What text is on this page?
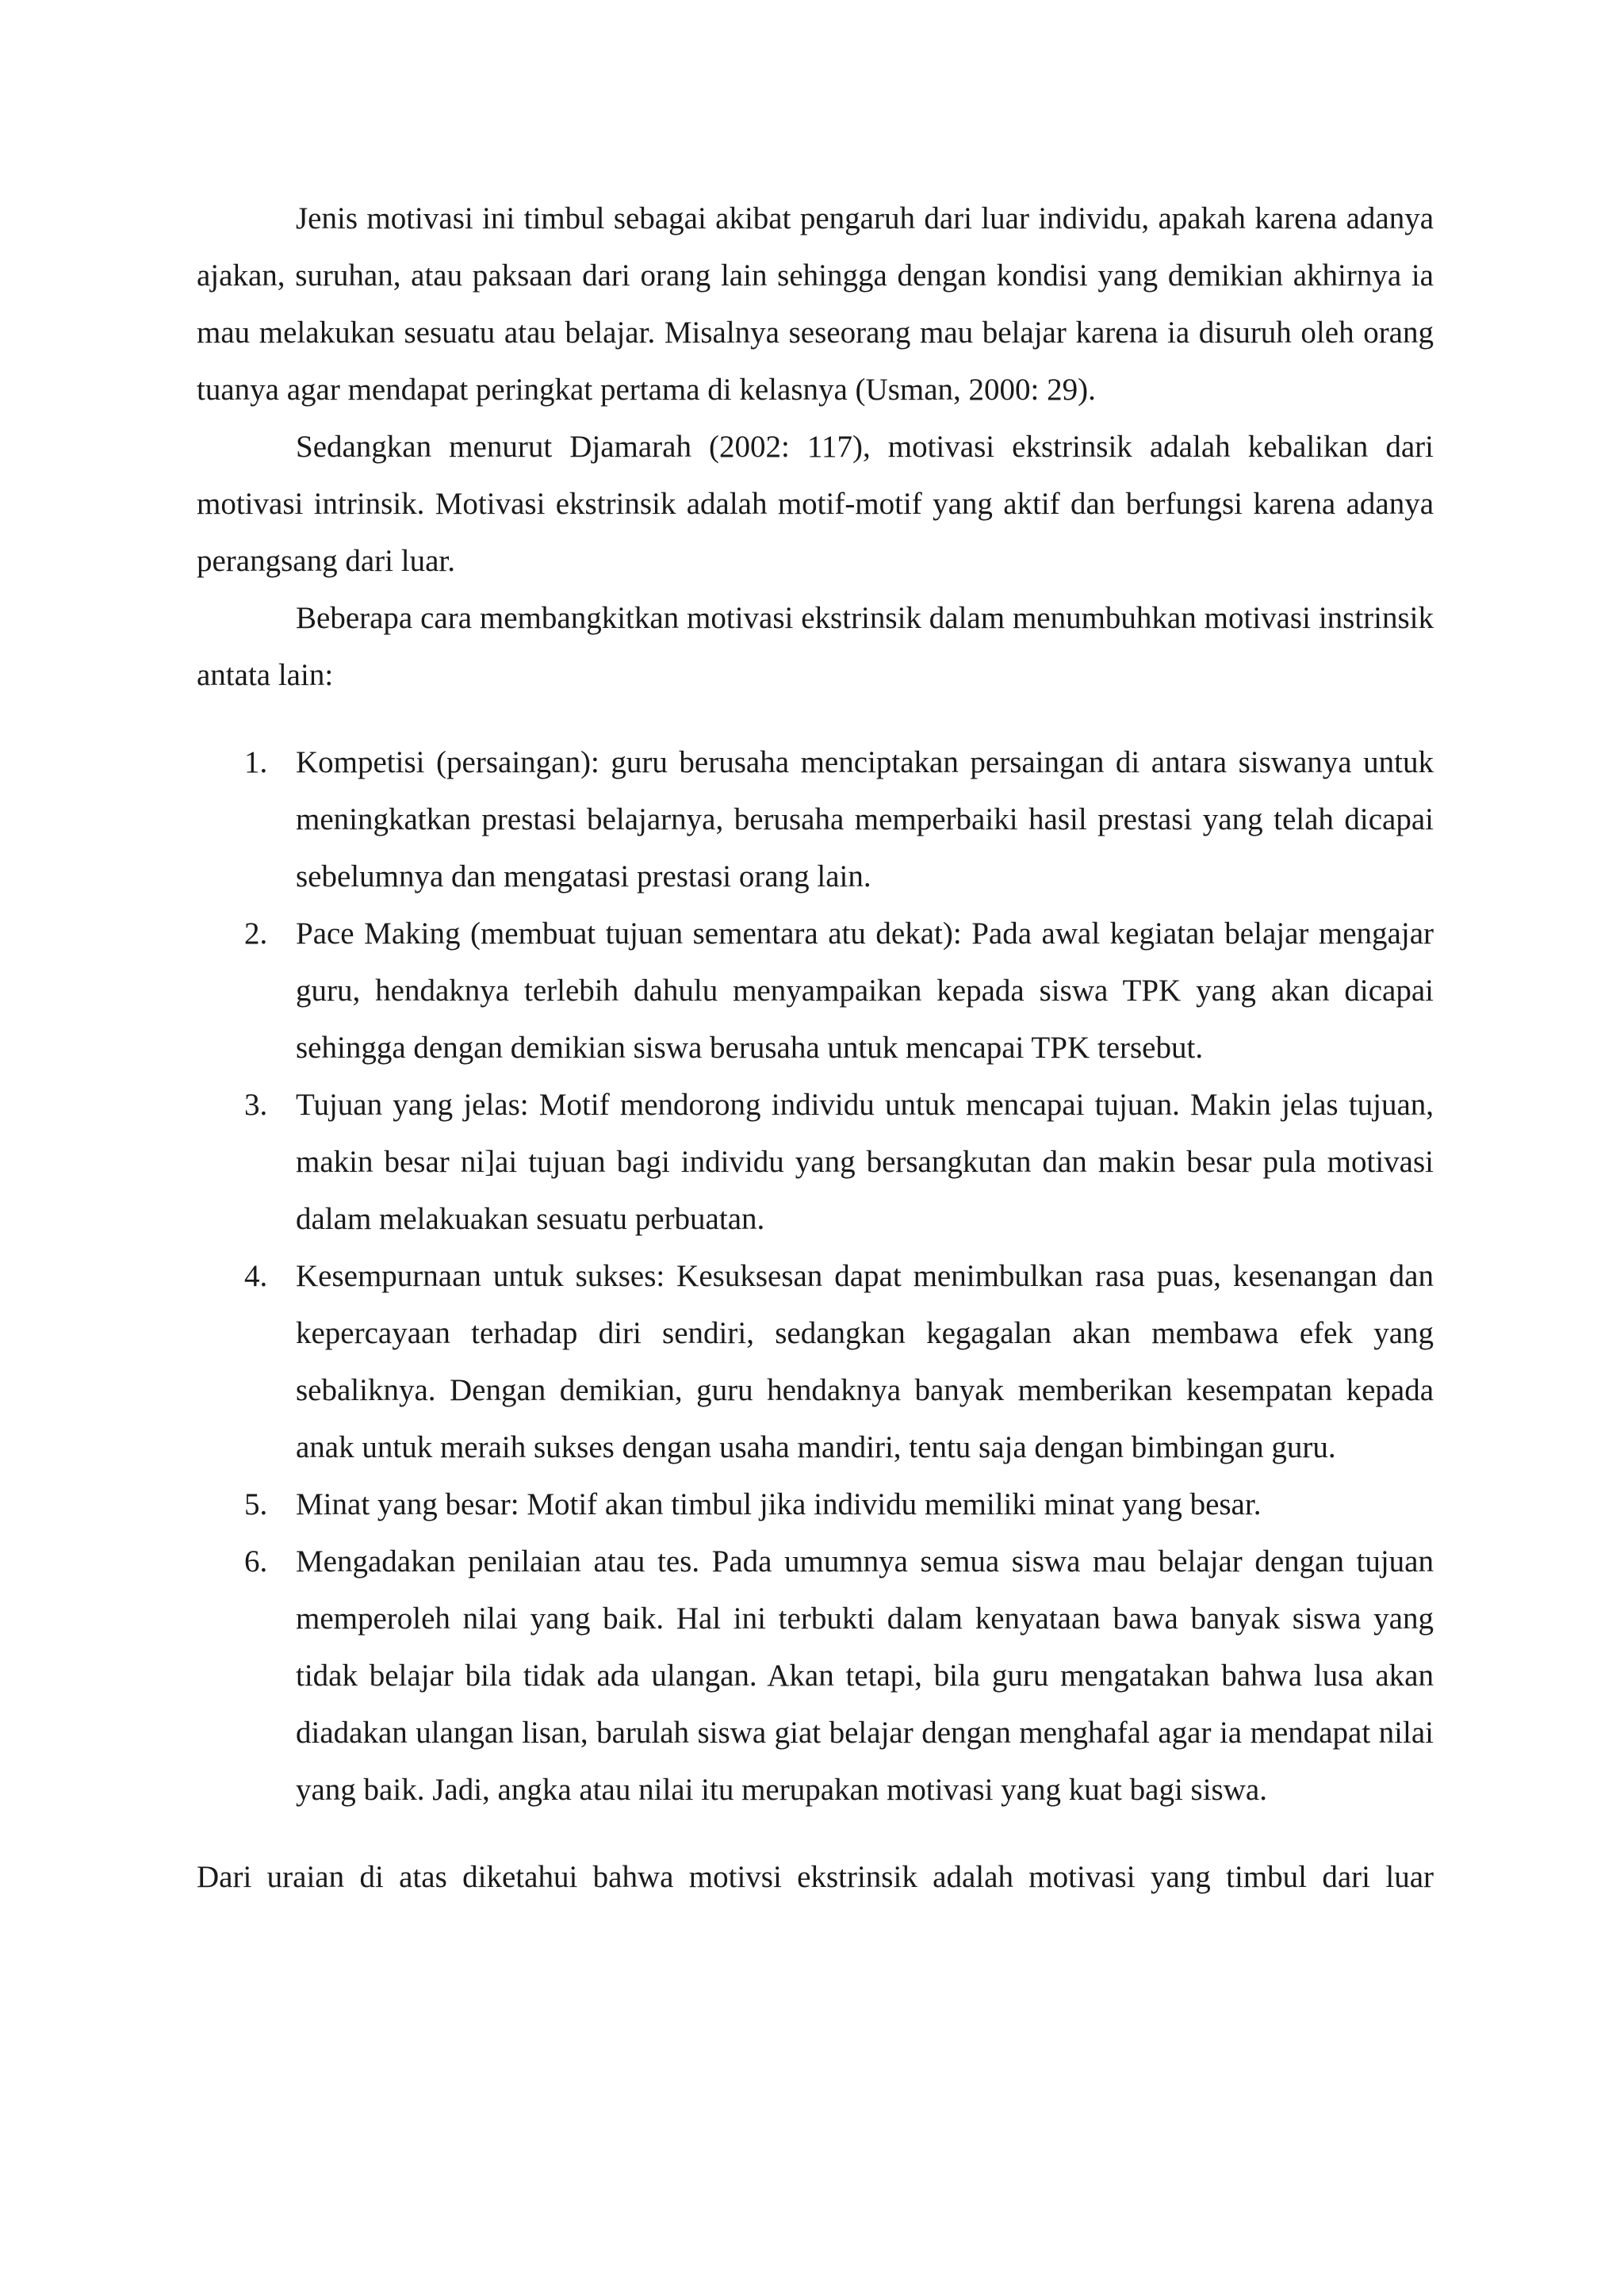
Jenis motivasi ini timbul sebagai akibat pengaruh dari luar individu, apakah karena adanya ajakan, suruhan, atau paksaan dari orang lain sehingga dengan kondisi yang demikian akhirnya ia mau melakukan sesuatu atau belajar. Misalnya seseorang mau belajar karena ia disuruh oleh orang tuanya agar mendapat peringkat pertama di kelasnya (Usman, 2000: 29).

Sedangkan menurut Djamarah (2002: 117), motivasi ekstrinsik adalah kebalikan dari motivasi intrinsik. Motivasi ekstrinsik adalah motif-motif yang aktif dan berfungsi karena adanya perangsang dari luar.

Beberapa cara membangkitkan motivasi ekstrinsik dalam menumbuhkan motivasi instrinsik antata lain:

1. Kompetisi (persaingan): guru berusaha menciptakan persaingan di antara siswanya untuk meningkatkan prestasi belajarnya, berusaha memperbaiki hasil prestasi yang telah dicapai sebelumnya dan mengatasi prestasi orang lain.
2. Pace Making (membuat tujuan sementara atu dekat): Pada awal kegiatan belajar mengajar guru, hendaknya terlebih dahulu menyampaikan kepada siswa TPK yang akan dicapai sehingga dengan demikian siswa berusaha untuk mencapai TPK tersebut.
3. Tujuan yang jelas: Motif mendorong individu untuk mencapai tujuan. Makin jelas tujuan, makin besar ni]ai tujuan bagi individu yang bersangkutan dan makin besar pula motivasi dalam melakuakan sesuatu perbuatan.
4. Kesempurnaan untuk sukses: Kesuksesan dapat menimbulkan rasa puas, kesenangan dan kepercayaan terhadap diri sendiri, sedangkan kegagalan akan membawa efek yang sebaliknya. Dengan demikian, guru hendaknya banyak memberikan kesempatan kepada anak untuk meraih sukses dengan usaha mandiri, tentu saja dengan bimbingan guru.
5. Minat yang besar: Motif akan timbul jika individu memiliki minat yang besar.
6. Mengadakan penilaian atau tes. Pada umumnya semua siswa mau belajar dengan tujuan memperoleh nilai yang baik. Hal ini terbukti dalam kenyataan bawa banyak siswa yang tidak belajar bila tidak ada ulangan. Akan tetapi, bila guru mengatakan bahwa lusa akan diadakan ulangan lisan, barulah siswa giat belajar dengan menghafal agar ia mendapat nilai yang baik. Jadi, angka atau nilai itu merupakan motivasi yang kuat bagi siswa.

Dari uraian di atas diketahui bahwa motivsi ekstrinsik adalah motivasi yang timbul dari luar
